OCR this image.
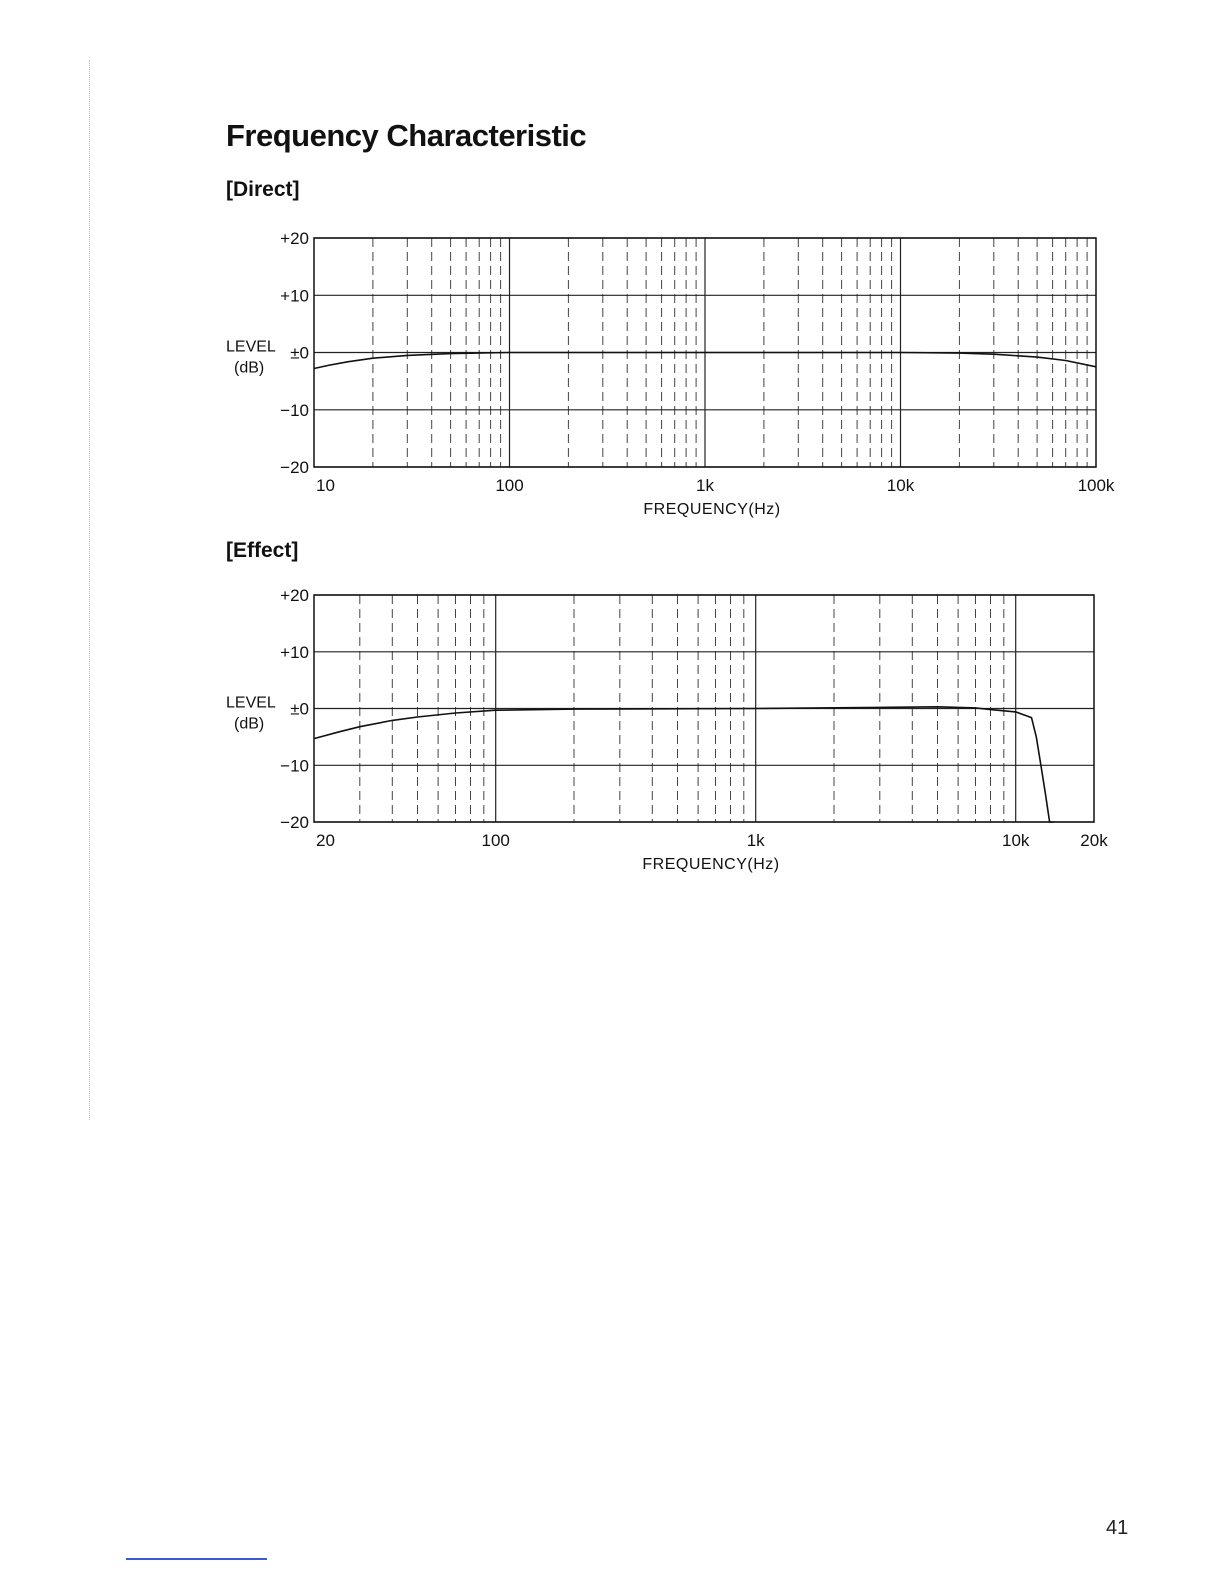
Frequency Characteristic
[Direct]
[Effect]
+20
+10
±0
−10
−20
LEVEL
(dB)
10	100	1k	10k	100k
FREQUENCY(Hz)
+20
+10
±0
−10
−20
LEVEL
(dB)
20	100	1k	10k	20k
FREQUENCY(Hz)
41
